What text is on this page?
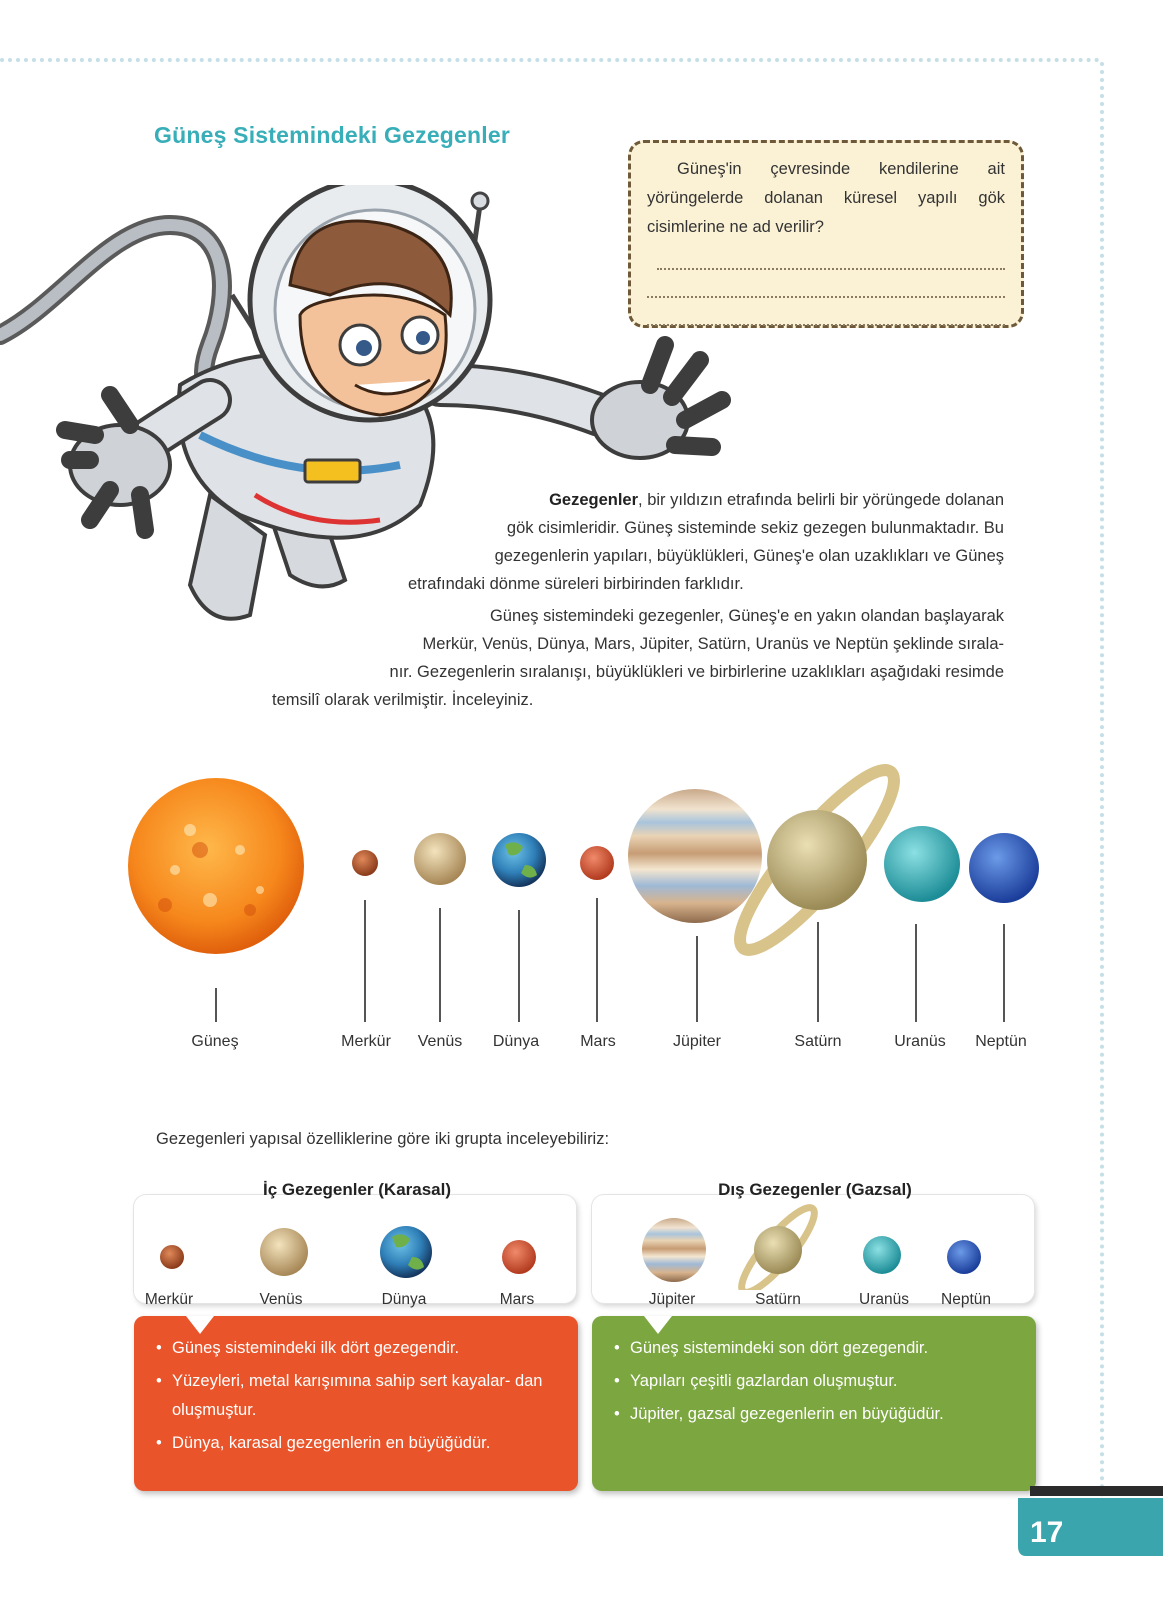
Güneş Sistemindeki Gezegenler
Güneş'in çevresinde kendilerine ait yörüngelerde dolanan küresel yapılı gök cisimlerine ne ad verilir?
Gezegenler, bir yıldızın etrafında belirli bir yörüngede dolanan
gök cisimleridir. Güneş sisteminde sekiz gezegen bulunmaktadır. Bu
gezegenlerin yapıları, büyüklükleri, Güneş'e olan uzaklıkları ve Güneş
etrafındaki dönme süreleri birbirinden farklıdır.
Güneş sistemindeki gezegenler, Güneş'e en yakın olandan başlayarak
Merkür, Venüs, Dünya, Mars, Jüpiter, Satürn, Uranüs ve Neptün şeklinde sırala-
nır. Gezegenlerin sıralanışı, büyüklükleri ve birbirlerine uzaklıkları aşağıdaki resimde
temsilî olarak verilmiştir. İnceleyiniz.
Güneş	Merkür Venüs Dünya	Mars	Jüpiter	Satürn	Uranüs Neptün
Gezegenleri yapısal özelliklerine göre iki grupta inceleyebiliriz:
İç Gezegenler (Karasal)
Merkür	Venüs	Dünya	Mars
• Güneş sistemindeki ilk dört gezegendir.
• Yüzeyleri, metal karışımına sahip sert kayalar- dan oluşmuştur.
• Dünya, karasal gezegenlerin en büyüğüdür.
Dış Gezegenler (Gazsal)
Jüpiter	Satürn	Uranüs Neptün
• Güneş sistemindeki son dört gezegendir.
• Yapıları çeşitli gazlardan oluşmuştur.
• Jüpiter, gazsal gezegenlerin en büyüğüdür.
17
